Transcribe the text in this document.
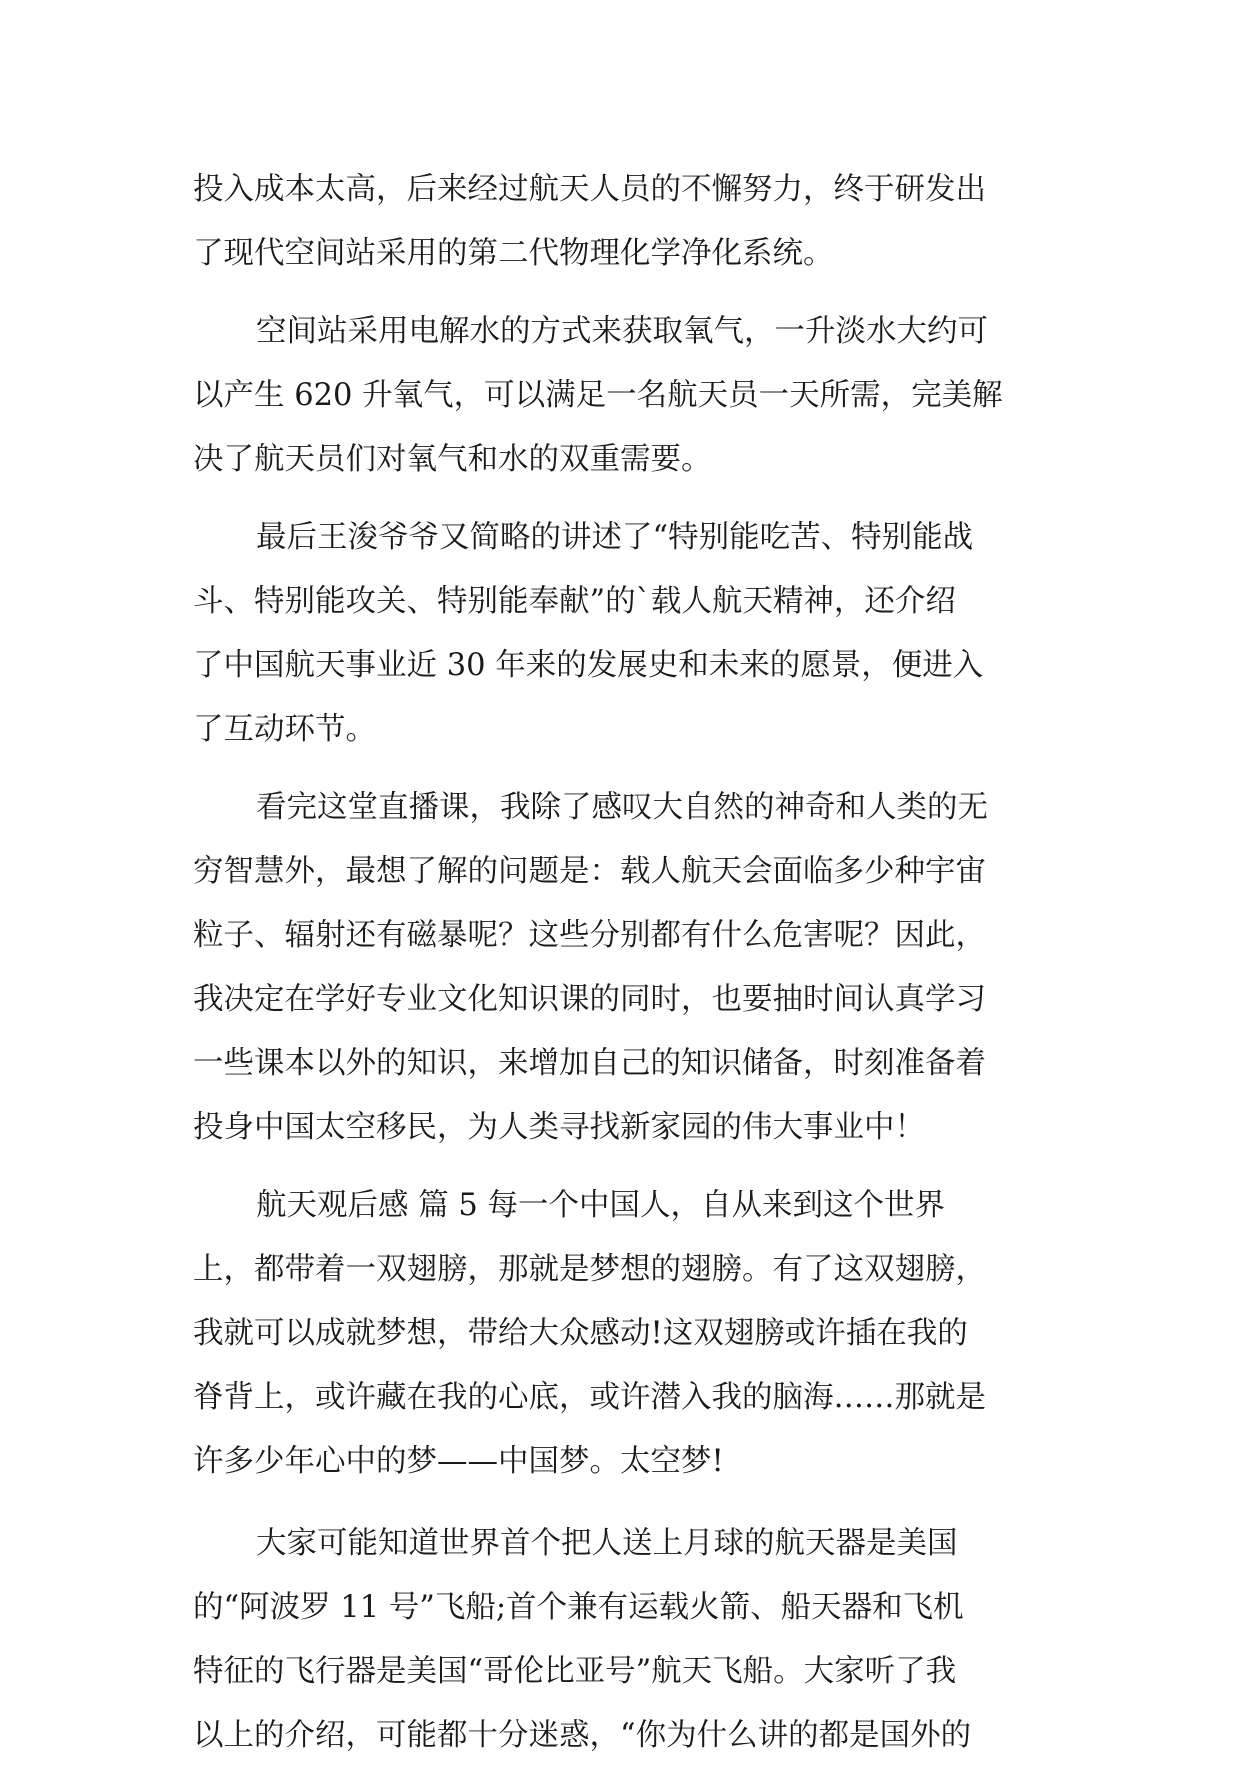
投入成本太高，后来经过航天人员的不懈努力，终于研发出
了现代空间站采用的第二代物理化学净化系统。
空间站采用电解水的方式来获取氧气，一升淡水大约可
以产生 620 升氧气，可以满足一名航天员一天所需，完美解
决了航天员们对氧气和水的双重需要。
最后王浚爷爷又简略的讲述了“特别能吃苦、特别能战
斗、特别能攻关、特别能奉献”的`载人航天精神，还介绍
了中国航天事业近 30 年来的发展史和未来的愿景，便进入
了互动环节。
看完这堂直播课，我除了感叹大自然的神奇和人类的无
穷智慧外，最想了解的问题是：载人航天会面临多少种宇宙
粒子、辐射还有磁暴呢？这些分别都有什么危害呢？因此，
我决定在学好专业文化知识课的同时，也要抽时间认真学习
一些课本以外的知识，来增加自己的知识储备，时刻准备着
投身中国太空移民，为人类寻找新家园的伟大事业中！
航天观后感 篇 5 每一个中国人，自从来到这个世界
上，都带着一双翅膀，那就是梦想的翅膀。有了这双翅膀，
我就可以成就梦想，带给大众感动!这双翅膀或许插在我的
脊背上，或许藏在我的心底，或许潜入我的脑海……那就是
许多少年心中的梦——中国梦。太空梦!
大家可能知道世界首个把人送上月球的航天器是美国
的“阿波罗 11 号”飞船;首个兼有运载火箭、船天器和飞机
特征的飞行器是美国“哥伦比亚号”航天飞船。大家听了我
以上的介绍，可能都十分迷惑，“你为什么讲的都是国外的
